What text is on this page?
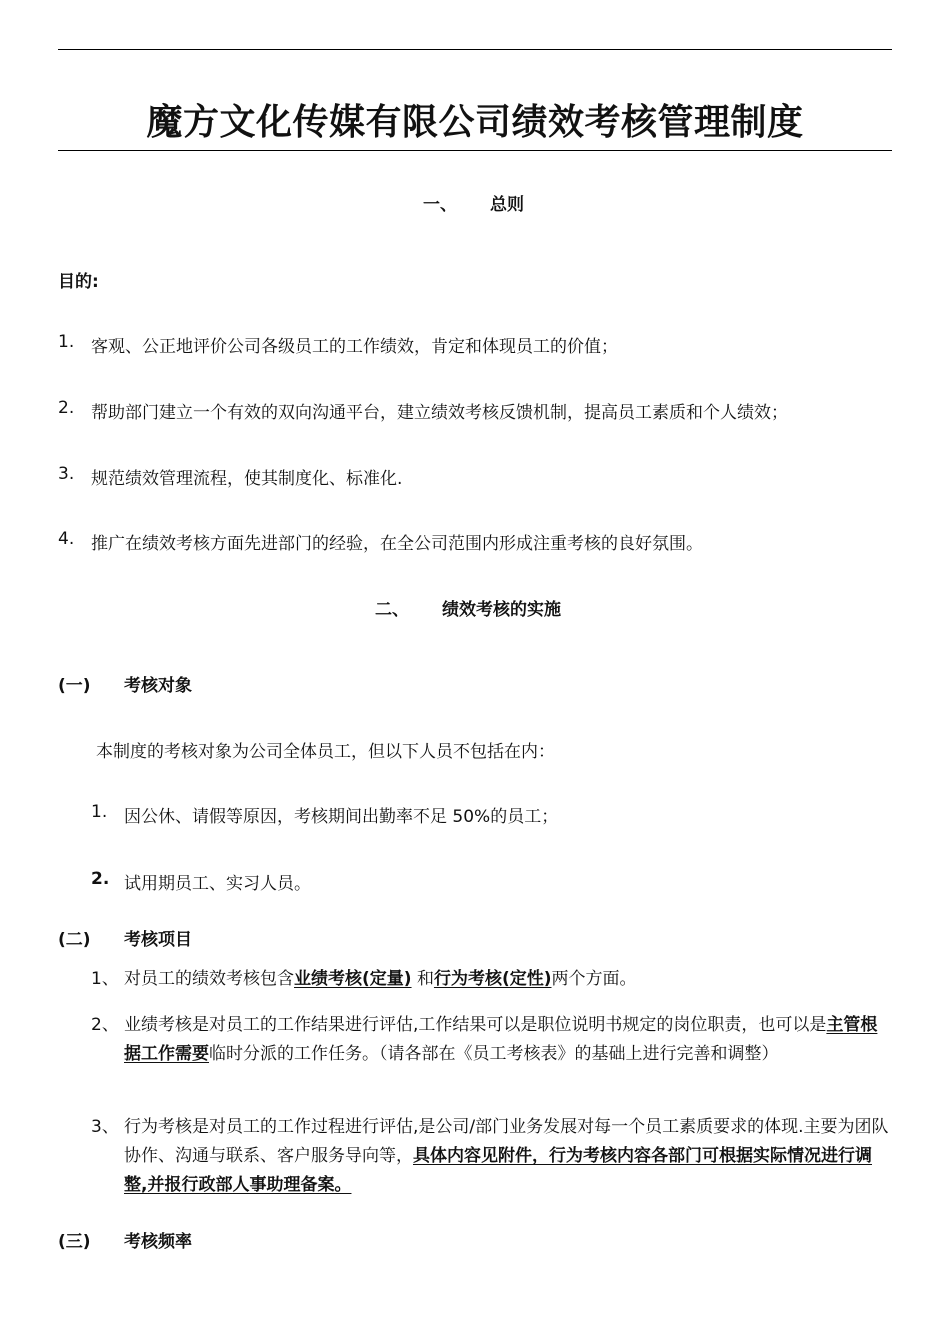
魔方文化传媒有限公司绩效考核管理制度
一、 总则
目的:
1. 客观、公正地评价公司各级员工的工作绩效，肯定和体现员工的价值；
2. 帮助部门建立一个有效的双向沟通平台，建立绩效考核反馈机制，提高员工素质和个人绩效；
3. 规范绩效管理流程，使其制度化、标准化.
4. 推广在绩效考核方面先进部门的经验，在全公司范围内形成注重考核的良好氛围。
二、 绩效考核的实施
(一) 考核对象
本制度的考核对象为公司全体员工，但以下人员不包括在内：
1. 因公休、请假等原因，考核期间出勤率不足 50%的员工；
2. 试用期员工、实习人员。
(二) 考核项目
1、 对员工的绩效考核包含业绩考核(定量) 和行为考核(定性)两个方面。
2、 业绩考核是对员工的工作结果进行评估,工作结果可以是职位说明书规定的岗位职责，也可以是主管根据工作需要临时分派的工作任务。（请各部在《员工考核表》的基础上进行完善和调整）
3、 行为考核是对员工的工作过程进行评估,是公司/部门业务发展对每一个员工素质要求的体现.主要为团队协作、沟通与联系、客户服务导向等，具体内容见附件，行为考核内容各部门可根据实际情况进行调整,并报行政部人事助理备案。
(三) 考核频率
